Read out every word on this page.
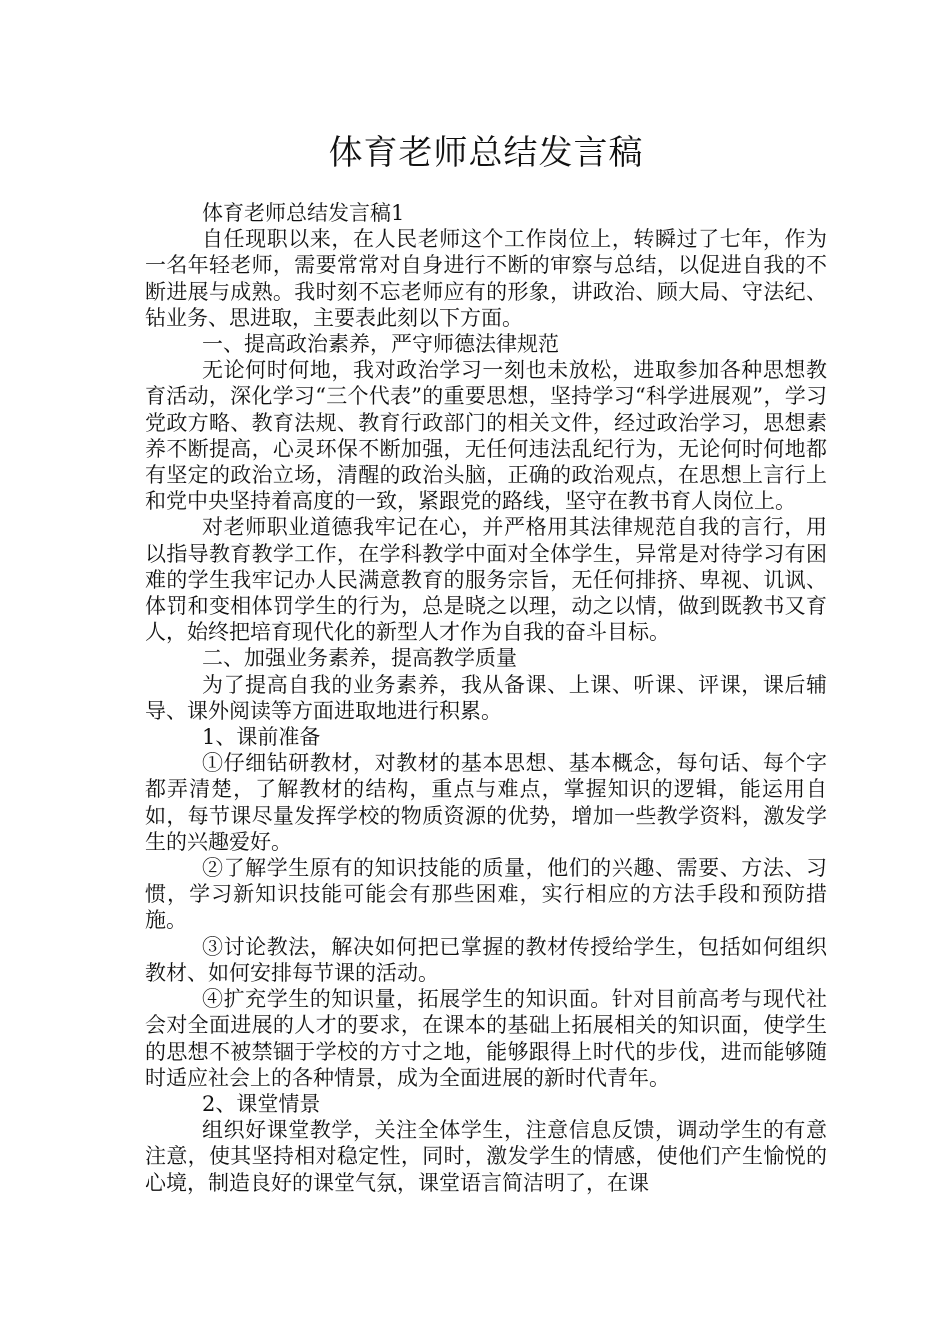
体育老师总结发言稿

体育老师总结发言稿1

自任现职以来，在人民老师这个工作岗位上，转瞬过了七年，作为一名年轻老师，需要常常对自身进行不断的审察与总结，以促进自我的不断进展与成熟。我时刻不忘老师应有的形象，讲政治、顾大局、守法纪、钻业务、思进取，主要表此刻以下方面。

一、提高政治素养，严守师德法律规范

无论何时何地，我对政治学习一刻也未放松，进取参加各种思想教育活动，深化学习“三个代表”的重要思想，坚持学习“科学进展观”，学习党政方略、教育法规、教育行政部门的相关文件，经过政治学习，思想素养不断提高，心灵环保不断加强，无任何违法乱纪行为，无论何时何地都有坚定的政治立场，清醒的政治头脑，正确的政治观点，在思想上言行上和党中央坚持着高度的一致，紧跟党的路线，坚守在教书育人岗位上。

对老师职业道德我牢记在心，并严格用其法律规范自我的言行，用以指导教育教学工作，在学科教学中面对全体学生，异常是对待学习有困难的学生我牢记办人民满意教育的服务宗旨，无任何排挤、卑视、讥讽、体罚和变相体罚学生的行为，总是晓之以理，动之以情，做到既教书又育人，始终把培育现代化的新型人才作为自我的奋斗目标。

二、加强业务素养，提高教学质量

为了提高自我的业务素养，我从备课、上课、听课、评课，课后辅导、课外阅读等方面进取地进行积累。

1、课前准备

①仔细钻研教材，对教材的基本思想、基本概念，每句话、每个字都弄清楚，了解教材的结构，重点与难点，掌握知识的逻辑，能运用自如，每节课尽量发挥学校的物质资源的优势，增加一些教学资料，激发学生的兴趣爱好。

②了解学生原有的知识技能的质量，他们的兴趣、需要、方法、习惯，学习新知识技能可能会有那些困难，实行相应的方法手段和预防措施。

③讨论教法，解决如何把已掌握的教材传授给学生，包括如何组织教材、如何安排每节课的活动。

④扩充学生的知识量，拓展学生的知识面。针对目前高考与现代社会对全面进展的人才的要求，在课本的基础上拓展相关的知识面，使学生的思想不被禁锢于学校的方寸之地，能够跟得上时代的步伐，进而能够随时适应社会上的各种情景，成为全面进展的新时代青年。

2、课堂情景

组织好课堂教学，关注全体学生，注意信息反馈，调动学生的有意注意，使其坚持相对稳定性，同时，激发学生的情感，使他们产生愉悦的心境，制造良好的课堂气氛，课堂语言简洁明了，在课
